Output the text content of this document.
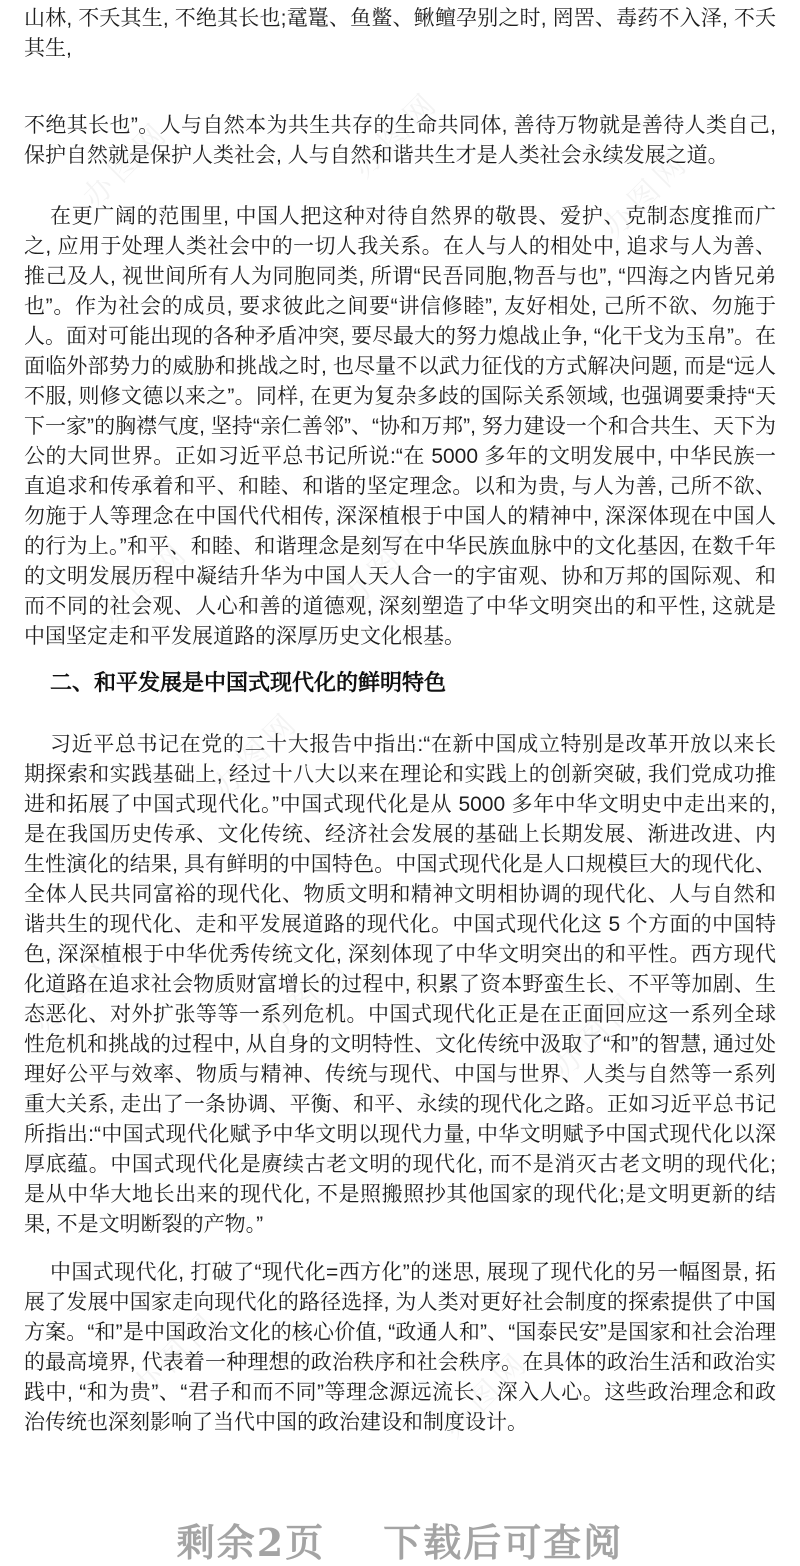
山林, 不夭其生, 不绝其长也;鼋鼍、鱼鳖、鳅鳣孕别之时, 罔罟、毒药不入泽, 不夭其生,

不绝其长也”。人与自然本为共生共存的生命共同体, 善待万物就是善待人类自己, 保护自然就是保护人类社会, 人与自然和谐共生才是人类社会永续发展之道。

在更广阔的范围里, 中国人把这种对待自然界的敬畏、爱护、克制态度推而广之, 应用于处理人类社会中的一切人我关系。在人与人的相处中, 追求与人为善、推己及人, 视世间所有人为同胞同类, 所谓“民吾同胞,物吾与也”, “四海之内皆兄弟也”。作为社会的成员, 要求彼此之间要“讲信修睦”, 友好相处, 己所不欲、勿施于人。面对可能出现的各种矛盾冲突, 要尽最大的努力熄战止争, “化干戈为玉帛”。在面临外部势力的威胁和挑战之时, 也尽量不以武力征伐的方式解决问题, 而是“远人不服, 则修文德以来之”。同样, 在更为复杂多歧的国际关系领域, 也强调要秉持“天下一家”的胸襟气度, 坚持“亲仁善邻”、“协和万邦”, 努力建设一个和合共生、天下为公的大同世界。正如习近平总书记所说:“在 5000 多年的文明发展中, 中华民族一直追求和传承着和平、和睦、和谐的坚定理念。以和为贵, 与人为善, 己所不欲、勿施于人等理念在中国代代相传, 深深植根于中国人的精神中, 深深体现在中国人的行为上。”和平、和睦、和谐理念是刻写在中华民族血脉中的文化基因, 在数千年的文明发展历程中凝结升华为中国人天人合一的宇宙观、协和万邦的国际观、和而不同的社会观、人心和善的道德观, 深刻塑造了中华文明突出的和平性, 这就是中国坚定走和平发展道路的深厚历史文化根基。

二、和平发展是中国式现代化的鲜明特色

习近平总书记在党的二十大报告中指出:“在新中国成立特别是改革开放以来长期探索和实践基础上, 经过十八大以来在理论和实践上的创新突破, 我们党成功推进和拓展了中国式现代化。”中国式现代化是从 5000 多年中华文明史中走出来的, 是在我国历史传承、文化传统、经济社会发展的基础上长期发展、渐进改进、内生性演化的结果, 具有鲜明的中国特色。中国式现代化是人口规模巨大的现代化、全体人民共同富裕的现代化、物质文明和精神文明相协调的现代化、人与自然和谐共生的现代化、走和平发展道路的现代化。中国式现代化这 5 个方面的中国特色, 深深植根于中华优秀传统文化, 深刻体现了中华文明突出的和平性。西方现代化道路在追求社会物质财富增长的过程中, 积累了资本野蛮生长、不平等加剧、生态恶化、对外扩张等等一系列危机。中国式现代化正是在正面回应这一系列全球性危机和挑战的过程中, 从自身的文明特性、文化传统中汲取了“和”的智慧, 通过处理好公平与效率、物质与精神、传统与现代、中国与世界、人类与自然等一系列重大关系, 走出了一条协调、平衡、和平、永续的现代化之路。正如习近平总书记所指出:“中国式现代化赋予中华文明以现代力量, 中华文明赋予中国式现代化以深厚底蕴。中国式现代化是赓续古老文明的现代化, 而不是消灭古老文明的现代化;是从中华大地长出来的现代化, 不是照搬照抄其他国家的现代化;是文明更新的结果, 不是文明断裂的产物。”

中国式现代化, 打破了“现代化=西方化”的迷思, 展现了现代化的另一幅图景, 拓展了发展中国家走向现代化的路径选择, 为人类对更好社会制度的探索提供了中国方案。“和”是中国政治文化的核心价值, “政通人和”、“国泰民安”是国家和社会治理的最高境界, 代表着一种理想的政治秩序和社会秩序。在具体的政治生活和政治实践中, “和为贵”、“君子和而不同”等理念源远流长、深入人心。这些政治理念和政治传统也深刻影响了当代中国的政治建设和制度设计。

剩余2页 下载后可查阅
